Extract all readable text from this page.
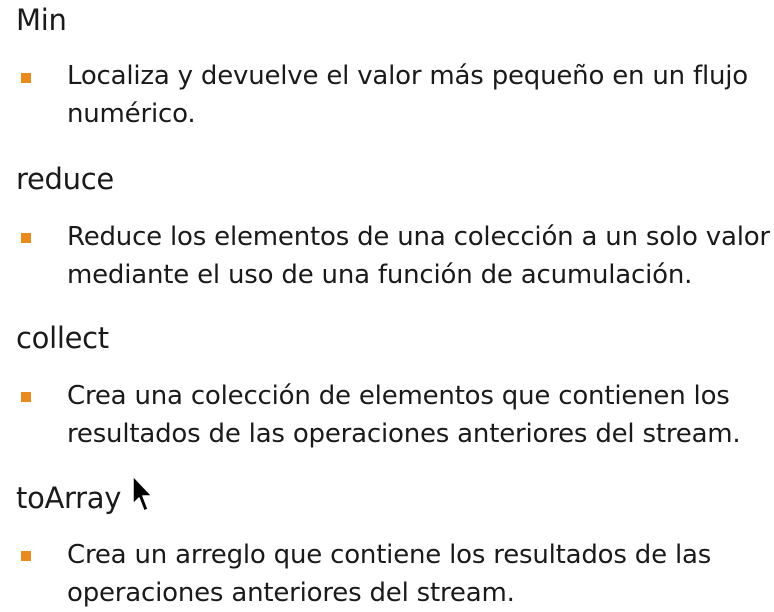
Min
Localiza y devuelve el valor más pequeño en un flujo numérico.
reduce
Reduce los elementos de una colección a un solo valor mediante el uso de una función de acumulación.
collect
Crea una colección de elementos que contienen los resultados de las operaciones anteriores del stream.
toArray
Crea un arreglo que contiene los resultados de las operaciones anteriores del stream.
